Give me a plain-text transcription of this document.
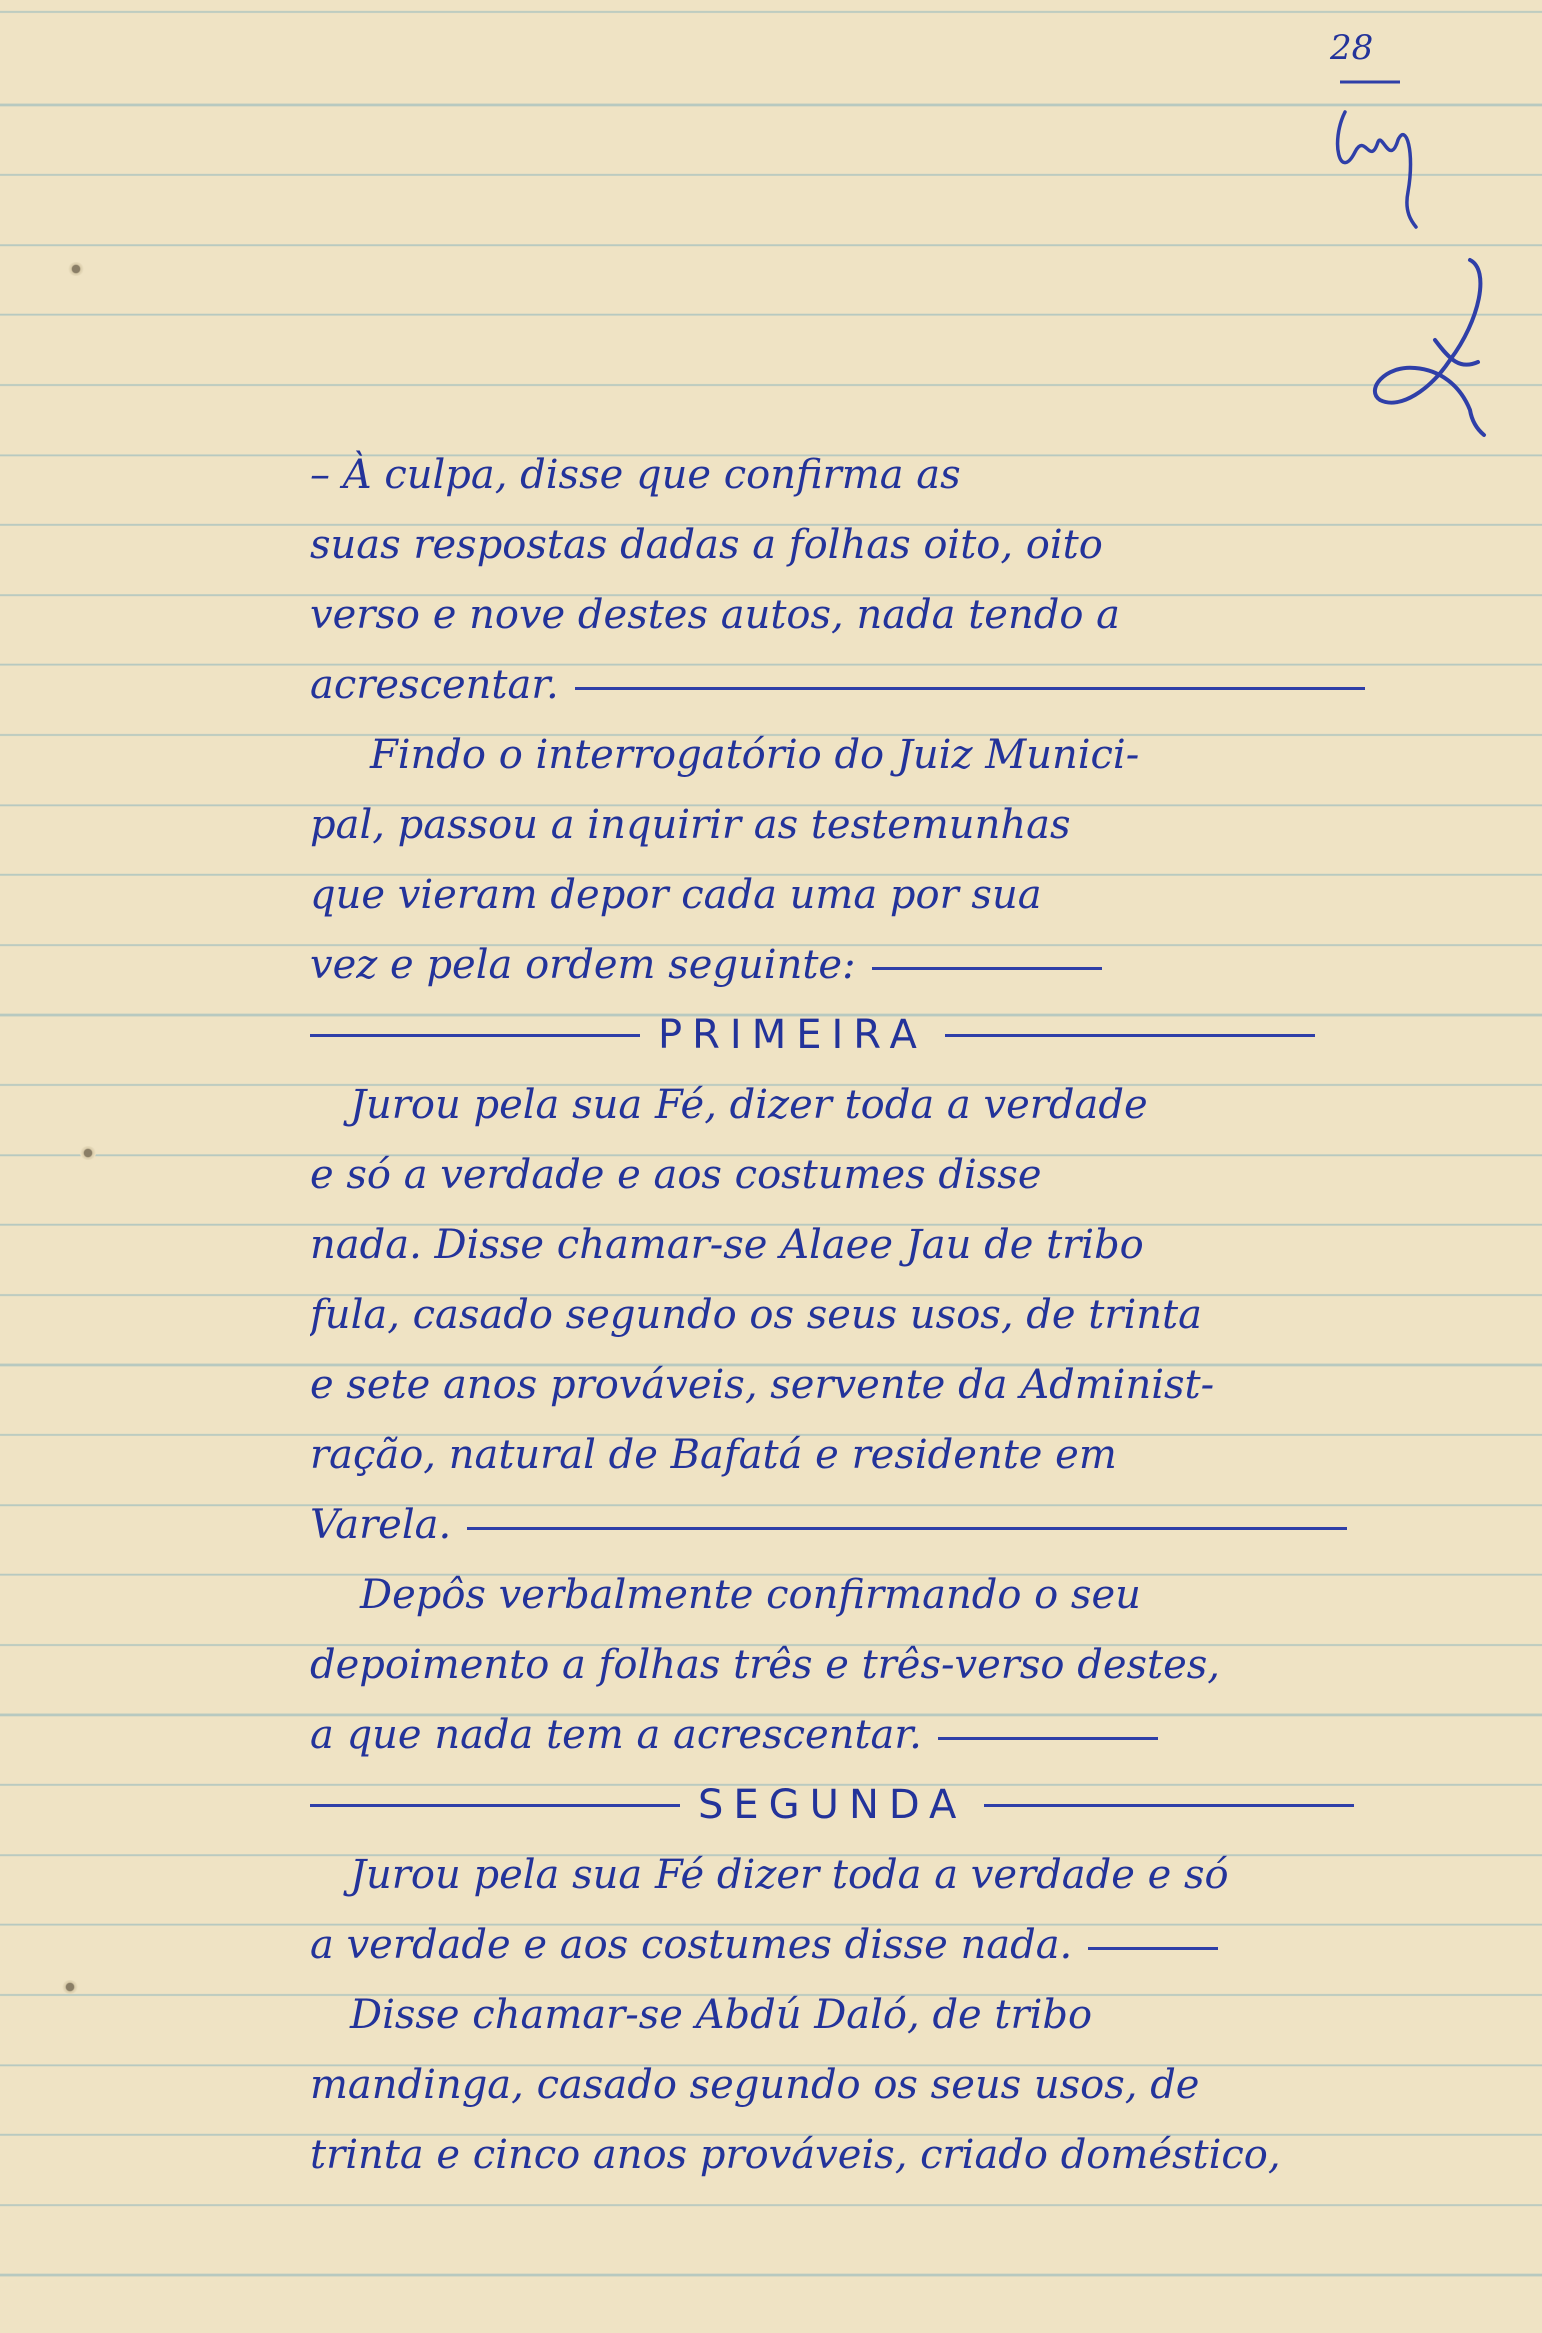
28
– À culpa, disse que confirma as
suas respostas dadas a folhas oito, oito
verso e nove destes autos, nada tendo a
acrescentar.
Findo o interrogatório do Juiz Munici-
pal, passou a inquirir as testemunhas
que vieram depor cada uma por sua
vez e pela ordem seguinte:
PRIMEIRA
Jurou pela sua Fé, dizer toda a verdade
e só a verdade e aos costumes disse
nada. Disse chamar-se Alaee Jau de tribo
fula, casado segundo os seus usos, de trinta
e sete anos prováveis, servente da Administ-
ração, natural de Bafatá e residente em
Varela.
Depôs verbalmente confirmando o seu
depoimento a folhas três e três-verso destes,
a que nada tem a acrescentar.
SEGUNDA
Jurou pela sua Fé dizer toda a verdade e só
a verdade e aos costumes disse nada.
Disse chamar-se Abdú Daló, de tribo
mandinga, casado segundo os seus usos, de
trinta e cinco anos prováveis, criado doméstico,
